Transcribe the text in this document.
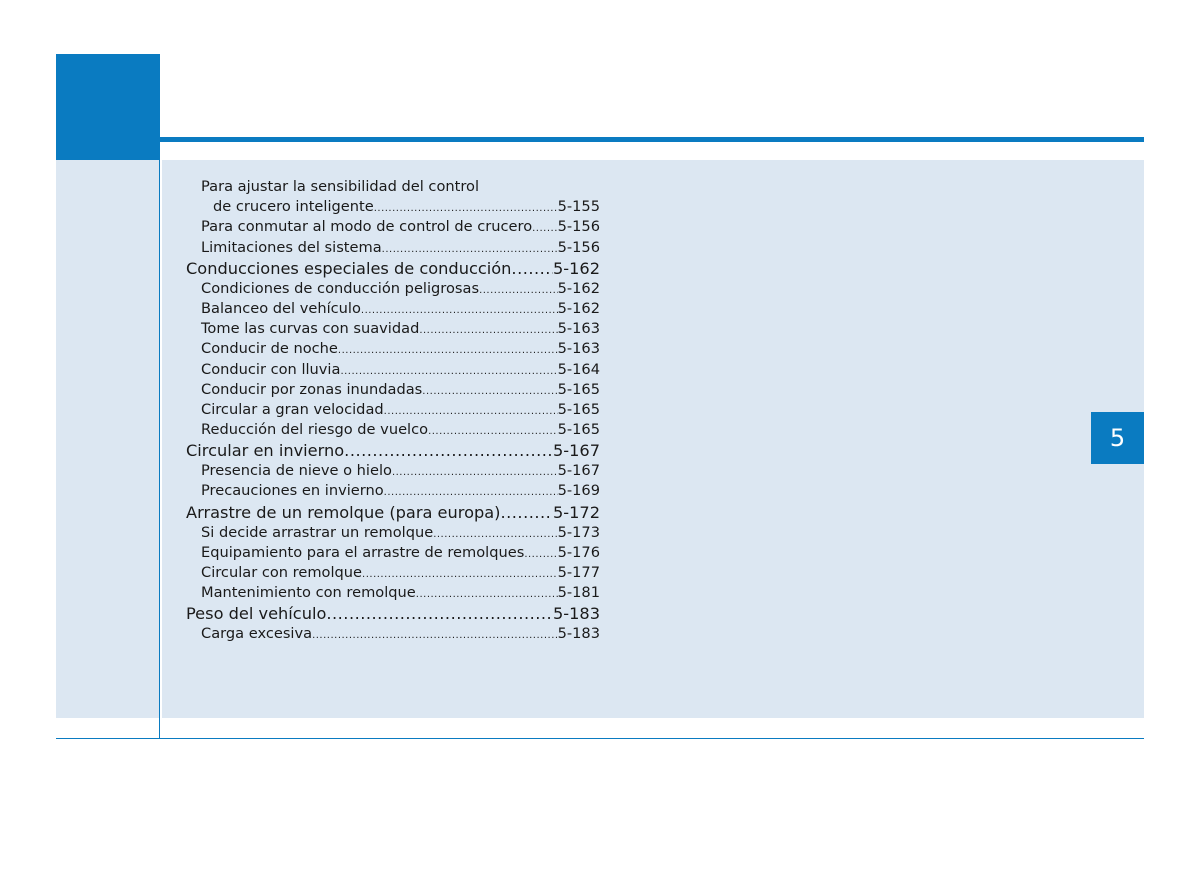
5
Para ajustar la sensibilidad del control
de crucero inteligente .....	5-155
Para conmutar al modo de control de crucero ..... 5-156
Limitaciones del sistema .....	5-156
Conducciones especiales de conducción .....	5-162
Condiciones de conducción peligrosas .....	5-162
Balanceo del vehículo .....	5-162
Tome las curvas con suavidad .....	5-163
Conducir de noche .....	5-163
Conducir con lluvia .....	5-164
Conducir por zonas inundadas .....	5-165
Circular a gran velocidad .....	5-165
Reducción del riesgo de vuelco .....	5-165
Circular en invierno .....	5-167
Presencia de nieve o hielo .....	5-167
Precauciones en invierno .....	5-169
Arrastre de un remolque (para europa) .....	5-172
Si decide arrastrar un remolque .....	5-173
Equipamiento para el arrastre de remolques ..... 5-176
Circular con remolque .....	5-177
Mantenimiento con remolque .....	5-181
Peso del vehículo .....	5-183
Carga excesiva .....	5-183
